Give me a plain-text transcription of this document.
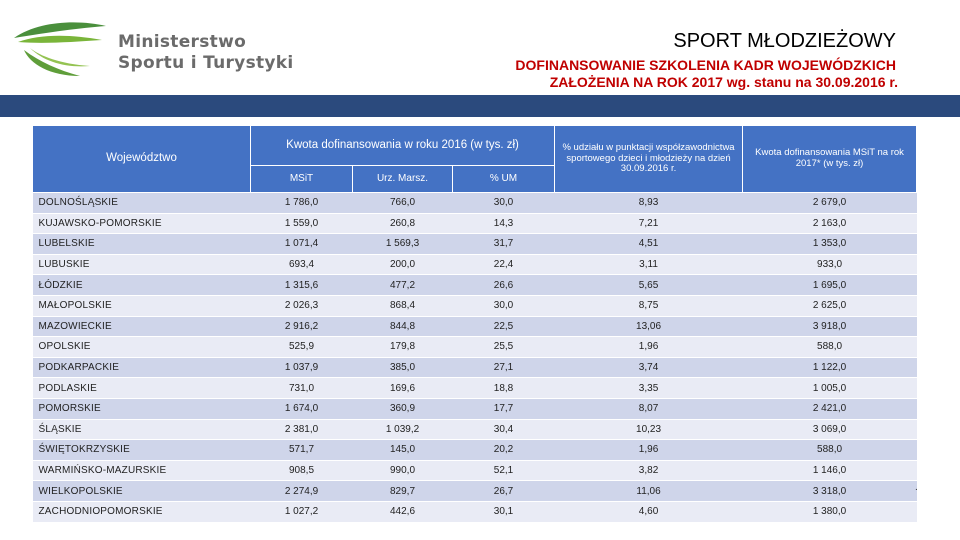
Ministerstwo
Sportu i Turystyki
SPORT MŁODZIEŻOWY
DOFINANSOWANIE SZKOLENIA KADR WOJEWÓDZKICH
ZAŁOŻENIA NA ROK 2017 wg. stanu na 30.09.2016 r.
Województwo	Kwota dofinansowania w roku 2016 (w tys. zł)			% udziału w punktacji współzawodnictwa sportowego dzieci i młodzieży na dzień 30.09.2016 r.	Kwota dofinansowania MSiT na rok 2017* (w tys. zł)
	MSiT	Urz. Marsz.	% UM		
DOLNOŚLĄSKIE	1 786,0	766,0	30,0	8,93	2 679,0
KUJAWSKO-POMORSKIE	1 559,0	260,8	14,3	7,21	2 163,0
LUBELSKIE	1 071,4	1 569,3	31,7	4,51	1 353,0
LUBUSKIE	693,4	200,0	22,4	3,11	933,0
ŁÓDZKIE	1 315,6	477,2	26,6	5,65	1 695,0
MAŁOPOLSKIE	2 026,3	868,4	30,0	8,75	2 625,0
MAZOWIECKIE	2 916,2	844,8	22,5	13,06	3 918,0
OPOLSKIE	525,9	179,8	25,5	1,96	588,0
PODKARPACKIE	1 037,9	385,0	27,1	3,74	1 122,0
PODLASKIE	731,0	169,6	18,8	3,35	1 005,0
POMORSKIE	1 674,0	360,9	17,7	8,07	2 421,0
ŚLĄSKIE	2 381,0	1 039,2	30,4	10,23	3 069,0
ŚWIĘTOKRZYSKIE	571,7	145,0	20,2	1,96	588,0
WARMIŃSKO-MAZURSKIE	908,5	990,0	52,1	3,82	1 146,0
WIELKOPOLSKIE	2 274,9	829,7	26,7	11,06	3 318,0
ZACHODNIOPOMORSKIE	1 027,2	442,6	30,1	4,60	1 380,0
.
